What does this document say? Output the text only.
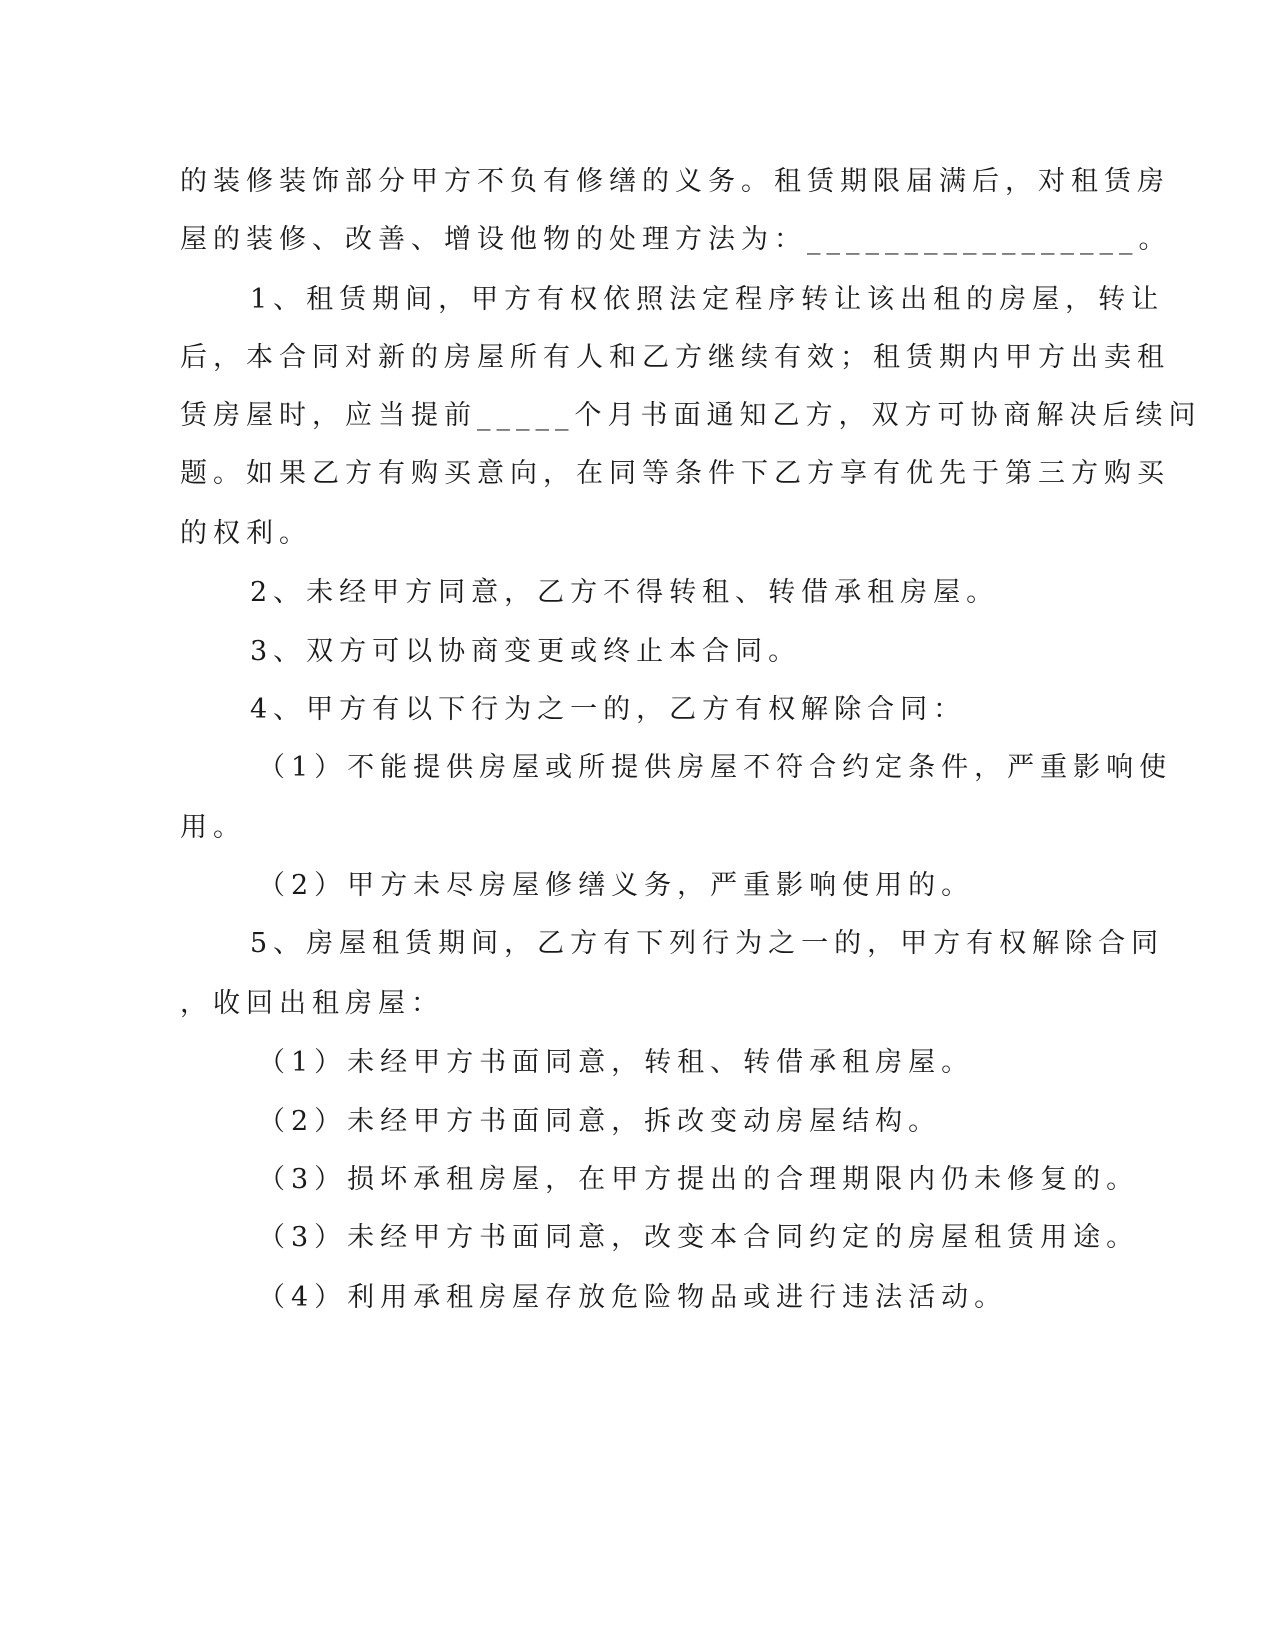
的装修装饰部分甲方不负有修缮的义务。租赁期限届满后，对租赁房
屋的装修、改善、增设他物的处理方法为：_________________。
1、租赁期间，甲方有权依照法定程序转让该出租的房屋，转让
后，本合同对新的房屋所有人和乙方继续有效；租赁期内甲方出卖租
赁房屋时，应当提前_____个月书面通知乙方，双方可协商解决后续问
题。如果乙方有购买意向，在同等条件下乙方享有优先于第三方购买
的权利。
2、未经甲方同意，乙方不得转租、转借承租房屋。
3、双方可以协商变更或终止本合同。
4、甲方有以下行为之一的，乙方有权解除合同：
（1）不能提供房屋或所提供房屋不符合约定条件，严重影响使
用。
（2）甲方未尽房屋修缮义务，严重影响使用的。
5、房屋租赁期间，乙方有下列行为之一的，甲方有权解除合同
，收回出租房屋：
（1）未经甲方书面同意，转租、转借承租房屋。
（2）未经甲方书面同意，拆改变动房屋结构。
（3）损坏承租房屋，在甲方提出的合理期限内仍未修复的。
（3）未经甲方书面同意，改变本合同约定的房屋租赁用途。
（4）利用承租房屋存放危险物品或进行违法活动。
